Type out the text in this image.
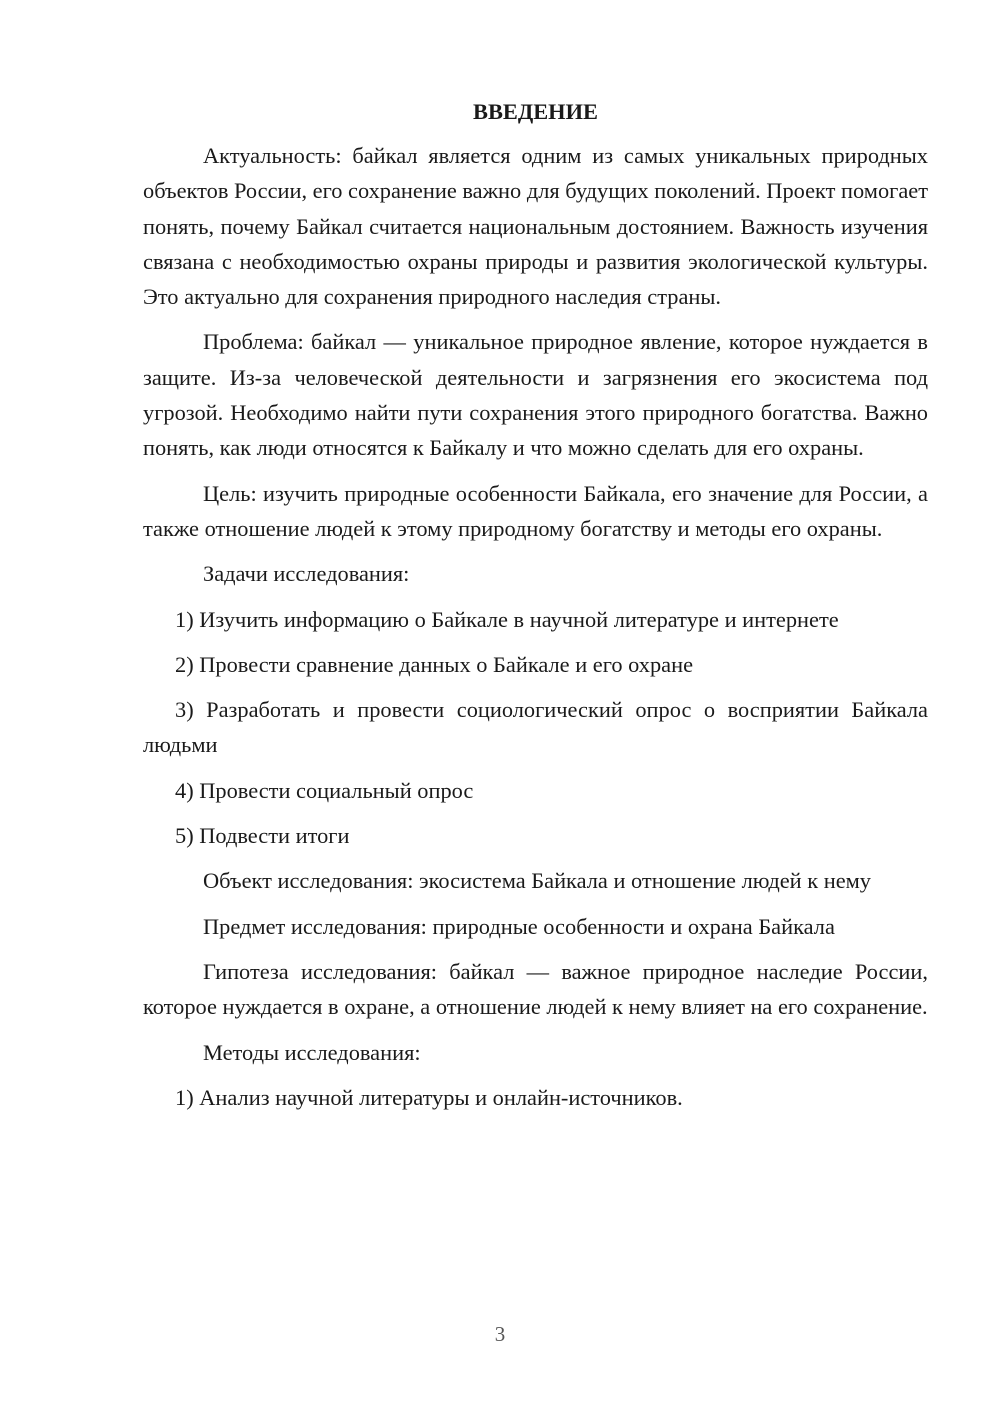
ВВЕДЕНИЕ

Актуальность: байкал является одним из самых уникальных природных объектов России, его сохранение важно для будущих поколений. Проект помогает понять, почему Байкал считается национальным достоянием. Важность изучения связана с необходимостью охраны природы и развития экологической культуры. Это актуально для сохранения природного наследия страны.

Проблема: байкал — уникальное природное явление, которое нуждается в защите. Из-за человеческой деятельности и загрязнения его экосистема под угрозой. Необходимо найти пути сохранения этого природного богатства. Важно понять, как люди относятся к Байкалу и что можно сделать для его охраны.

Цель: изучить природные особенности Байкала, его значение для России, а также отношение людей к этому природному богатству и методы его охраны.

Задачи исследования:

1) Изучить информацию о Байкале в научной литературе и интернете

2) Провести сравнение данных о Байкале и его охране

3) Разработать и провести социологический опрос о восприятии Байкала людьми

4) Провести социальный опрос

5) Подвести итоги

Объект исследования: экосистема Байкала и отношение людей к нему

Предмет исследования: природные особенности и охрана Байкала

Гипотеза исследования: байкал — важное природное наследие России, которое нуждается в охране, а отношение людей к нему влияет на его сохранение.

Методы исследования:

1) Анализ научной литературы и онлайн-источников.

3
